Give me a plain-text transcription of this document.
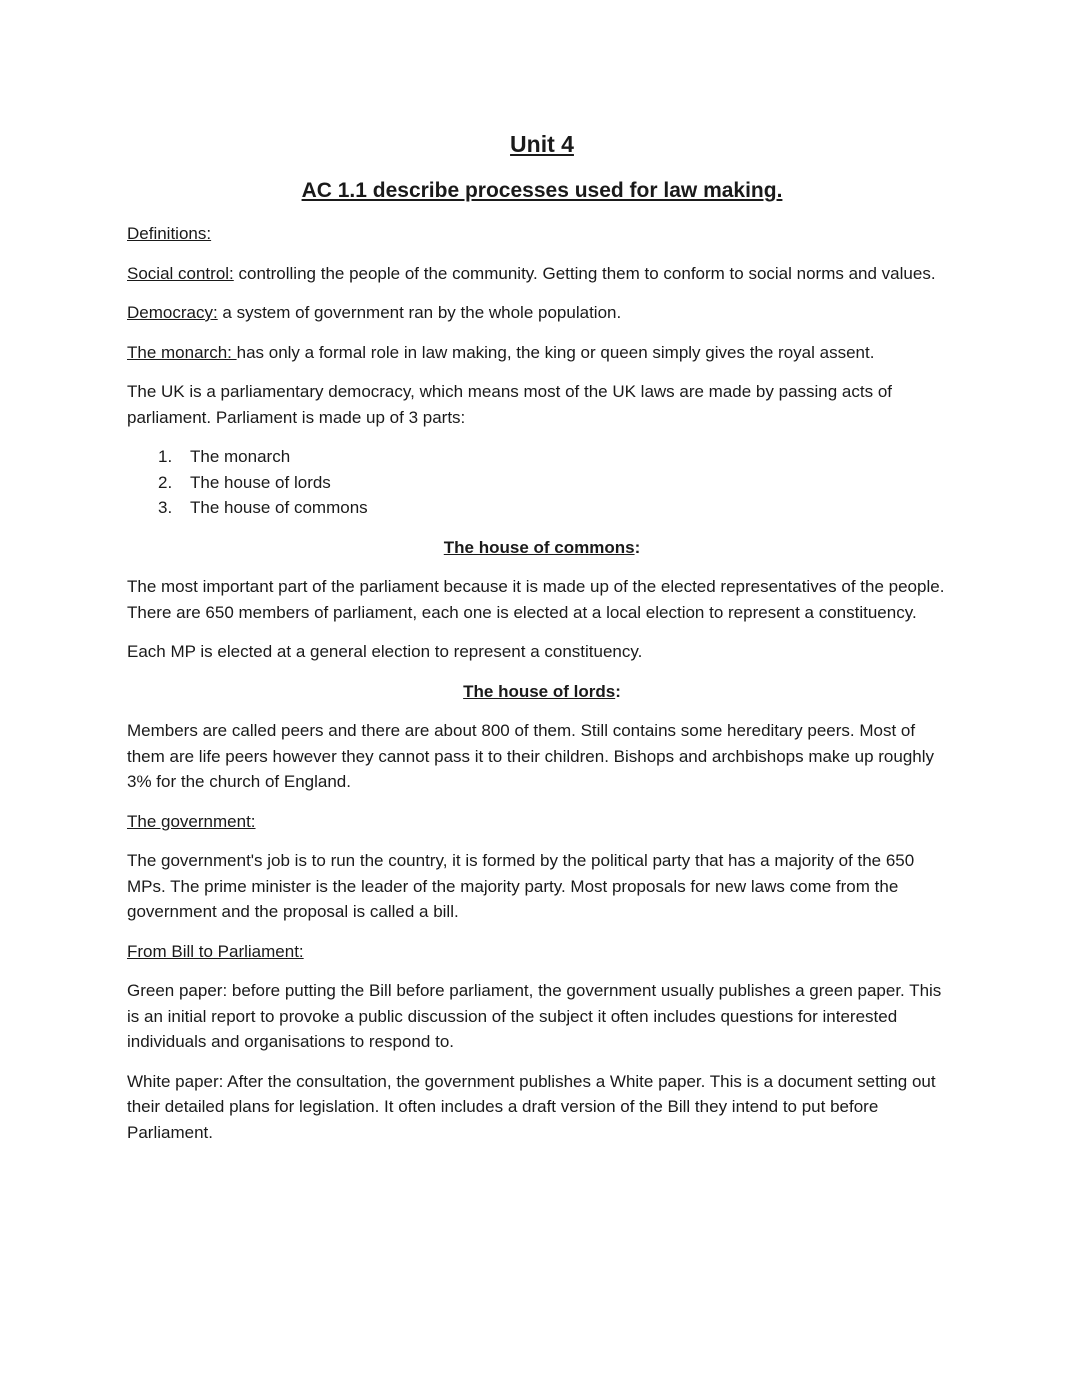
Unit 4
AC 1.1 describe processes used for law making.

Definitions:

Social control: controlling the people of the community. Getting them to conform to social norms and values.

Democracy: a system of government ran by the whole population.

The monarch: has only a formal role in law making, the king or queen simply gives the royal assent.

The UK is a parliamentary democracy, which means most of the UK laws are made by passing acts of parliament. Parliament is made up of 3 parts:

1.	The monarch
2.	The house of lords
3.	The house of commons

The house of commons:

The most important part of the parliament because it is made up of the elected representatives of the people. There are 650 members of parliament, each one is elected at a local election to represent a constituency.

Each MP is elected at a general election to represent a constituency.

The house of lords:

Members are called peers and there are about 800 of them. Still contains some hereditary peers. Most of them are life peers however they cannot pass it to their children. Bishops and archbishops make up roughly 3% for the church of England.

The government:

The government's job is to run the country, it is formed by the political party that has a majority of the 650 MPs. The prime minister is the leader of the majority party. Most proposals for new laws come from the government and the proposal is called a bill.

From Bill to Parliament:

Green paper: before putting the Bill before parliament, the government usually publishes a green paper. This is an initial report to provoke a public discussion of the subject it often includes questions for interested individuals and organisations to respond to.

White paper: After the consultation, the government publishes a White paper. This is a document setting out their detailed plans for legislation. It often includes a draft version of the Bill they intend to put before Parliament.
